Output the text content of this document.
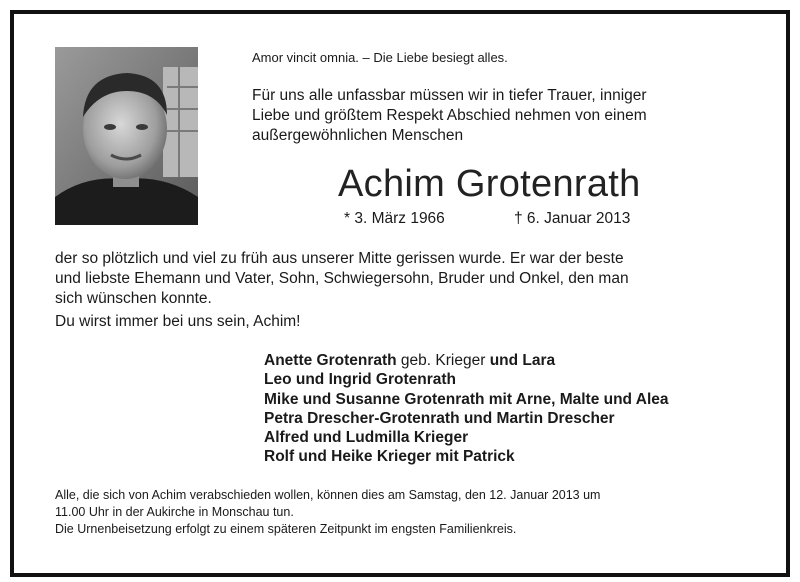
Amor vincit omnia. – Die Liebe besiegt alles.
Für uns alle unfassbar müssen wir in tiefer Trauer, inniger
Liebe und größtem Respekt Abschied nehmen von einem
außergewöhnlichen Menschen
Achim Grotenrath
* 3. März 1966	† 6. Januar 2013
der so plötzlich und viel zu früh aus unserer Mitte gerissen wurde. Er war der beste
und liebste Ehemann und Vater, Sohn, Schwiegersohn, Bruder und Onkel, den man
sich wünschen konnte.
Du wirst immer bei uns sein, Achim!
Anette Grotenrath geb. Krieger und Lara
Leo und Ingrid Grotenrath
Mike und Susanne Grotenrath mit Arne, Malte und Alea
Petra Drescher-Grotenrath und Martin Drescher
Alfred und Ludmilla Krieger
Rolf und Heike Krieger mit Patrick
Alle, die sich von Achim verabschieden wollen, können dies am Samstag, den 12. Januar 2013 um
11.00 Uhr in der Aukirche in Monschau tun.
Die Urnenbeisetzung erfolgt zu einem späteren Zeitpunkt im engsten Familienkreis.
